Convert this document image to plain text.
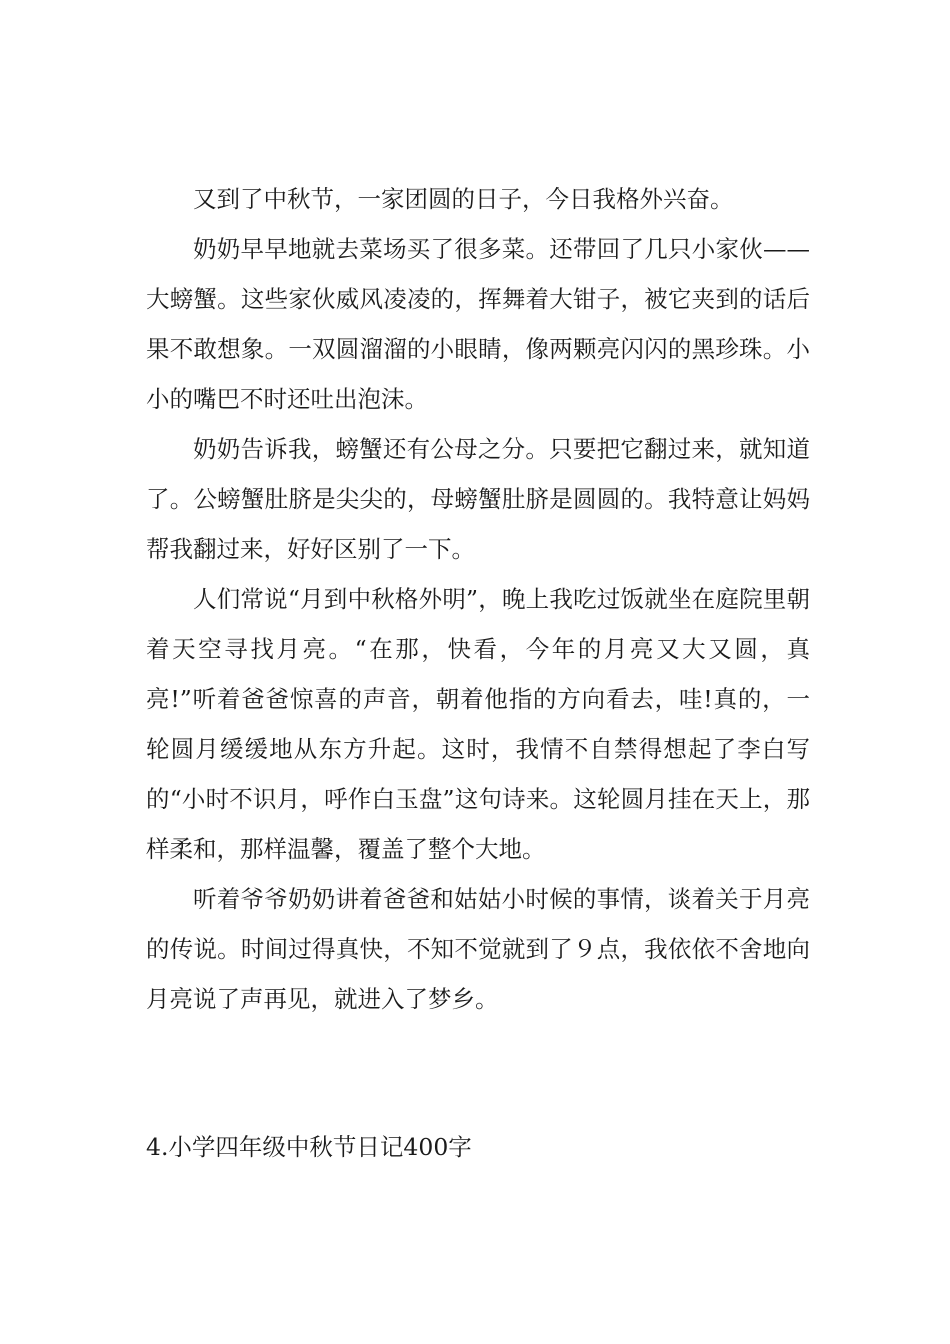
又到了中秋节，一家团圆的日子，今日我格外兴奋。

奶奶早早地就去菜场买了很多菜。还带回了几只小家伙——大螃蟹。这些家伙威风凌凌的，挥舞着大钳子，被它夹到的话后果不敢想象。一双圆溜溜的小眼睛，像两颗亮闪闪的黑珍珠。小小的嘴巴不时还吐出泡沫。

奶奶告诉我，螃蟹还有公母之分。只要把它翻过来，就知道了。公螃蟹肚脐是尖尖的，母螃蟹肚脐是圆圆的。我特意让妈妈帮我翻过来，好好区别了一下。

人们常说“月到中秋格外明”，晚上我吃过饭就坐在庭院里朝着天空寻找月亮。“在那，快看，今年的月亮又大又圆，真亮!”听着爸爸惊喜的声音，朝着他指的方向看去，哇!真的，一轮圆月缓缓地从东方升起。这时，我情不自禁得想起了李白写的“小时不识月，呼作白玉盘”这句诗来。这轮圆月挂在天上，那样柔和，那样温馨，覆盖了整个大地。

听着爷爷奶奶讲着爸爸和姑姑小时候的事情，谈着关于月亮的传说。时间过得真快，不知不觉就到了９点，我依依不舍地向月亮说了声再见，就进入了梦乡。

4.小学四年级中秋节日记400字
